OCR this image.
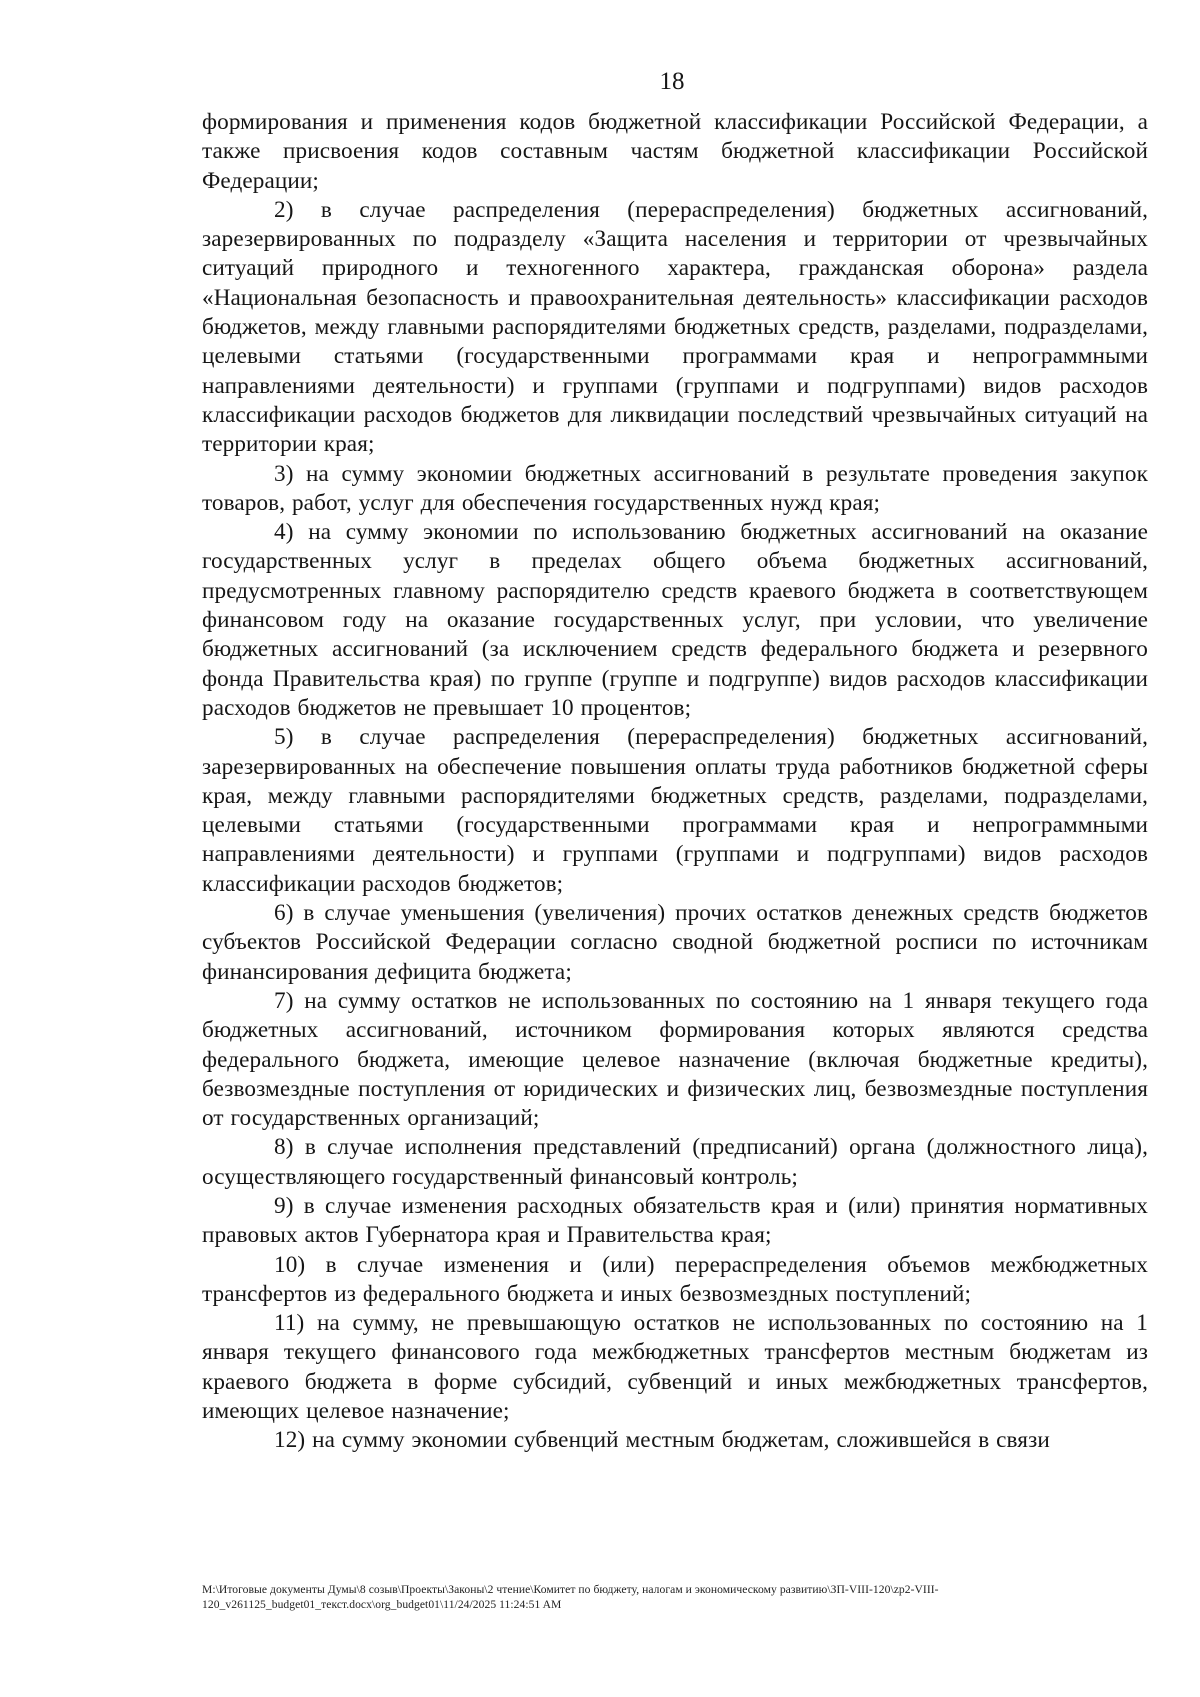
18

формирования и применения кодов бюджетной классификации Российской Федерации, а также присвоения кодов составным частям бюджетной классификации Российской Федерации;

2) в случае распределения (перераспределения) бюджетных ассигнований, зарезервированных по подразделу «Защита населения и территории от чрезвычайных ситуаций природного и техногенного характера, гражданская оборона» раздела «Национальная безопасность и правоохранительная деятельность» классификации расходов бюджетов, между главными распорядителями бюджетных средств, разделами, подразделами, целевыми статьями (государственными программами края и непрограммными направлениями деятельности) и группами (группами и подгруппами) видов расходов классификации расходов бюджетов для ликвидации последствий чрезвычайных ситуаций на территории края;

3) на сумму экономии бюджетных ассигнований в результате проведения закупок товаров, работ, услуг для обеспечения государственных нужд края;

4) на сумму экономии по использованию бюджетных ассигнований на оказание государственных услуг в пределах общего объема бюджетных ассигнований, предусмотренных главному распорядителю средств краевого бюджета в соответствующем финансовом году на оказание государственных услуг, при условии, что увеличение бюджетных ассигнований (за исключением средств федерального бюджета и резервного фонда Правительства края) по группе (группе и подгруппе) видов расходов классификации расходов бюджетов не превышает 10 процентов;

5) в случае распределения (перераспределения) бюджетных ассигнований, зарезервированных на обеспечение повышения оплаты труда работников бюджетной сферы края, между главными распорядителями бюджетных средств, разделами, подразделами, целевыми статьями (государственными программами края и непрограммными направлениями деятельности) и группами (группами и подгруппами) видов расходов классификации расходов бюджетов;

6) в случае уменьшения (увеличения) прочих остатков денежных средств бюджетов субъектов Российской Федерации согласно сводной бюджетной росписи по источникам финансирования дефицита бюджета;

7) на сумму остатков не использованных по состоянию на 1 января текущего года бюджетных ассигнований, источником формирования которых являются средства федерального бюджета, имеющие целевое назначение (включая бюджетные кредиты), безвозмездные поступления от юридических и физических лиц, безвозмездные поступления от государственных организаций;

8) в случае исполнения представлений (предписаний) органа (должностного лица), осуществляющего государственный финансовый контроль;

9) в случае изменения расходных обязательств края и (или) принятия нормативных правовых актов Губернатора края и Правительства края;

10) в случае изменения и (или) перераспределения объемов межбюджетных трансфертов из федерального бюджета и иных безвозмездных поступлений;

11) на сумму, не превышающую остатков не использованных по состоянию на 1 января текущего финансового года межбюджетных трансфертов местным бюджетам из краевого бюджета в форме субсидий, субвенций и иных межбюджетных трансфертов, имеющих целевое назначение;

12) на сумму экономии субвенций местным бюджетам, сложившейся в связи

M:\Итоговые документы Думы\8 созыв\Проекты\Законы\2 чтение\Комитет по бюджету, налогам и экономическому развитию\ЗП-VIII-120\zp2-VIII-120_v261125_budget01_текст.docx\org_budget01\11/24/2025 11:24:51 AM
